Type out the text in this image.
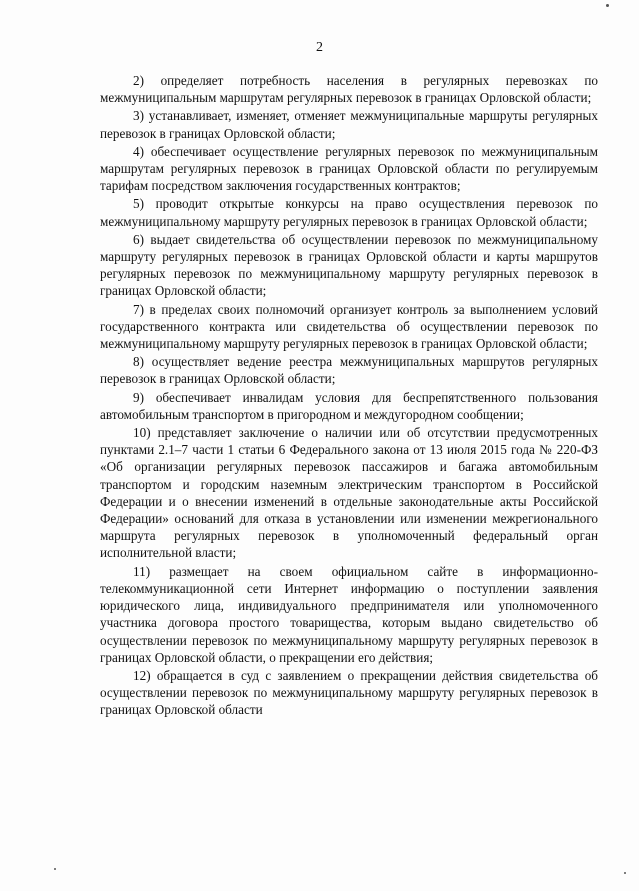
2

2) определяет потребность населения в регулярных перевозках по межмуниципальным маршрутам регулярных перевозок в границах Орловской области;

3) устанавливает, изменяет, отменяет межмуниципальные маршруты регулярных перевозок в границах Орловской области;

4) обеспечивает осуществление регулярных перевозок по межмуниципальным маршрутам регулярных перевозок в границах Орловской области по регулируемым тарифам посредством заключения государственных контрактов;

5) проводит открытые конкурсы на право осуществления перевозок по межмуниципальному маршруту регулярных перевозок в границах Орловской области;

6) выдает свидетельства об осуществлении перевозок по межмуниципальному маршруту регулярных перевозок в границах Орловской области и карты маршрутов регулярных перевозок по межмуниципальному маршруту регулярных перевозок в границах Орловской области;

7) в пределах своих полномочий организует контроль за выполнением условий государственного контракта или свидетельства об осуществлении перевозок по межмуниципальному маршруту регулярных перевозок в границах Орловской области;

8) осуществляет ведение реестра межмуниципальных маршрутов регулярных перевозок в границах Орловской области;

9) обеспечивает инвалидам условия для беспрепятственного пользования автомобильным транспортом в пригородном и междугородном сообщении;

10) представляет заключение о наличии или об отсутствии предусмотренных пунктами 2.1–7 части 1 статьи 6 Федерального закона от 13 июля 2015 года № 220-ФЗ «Об организации регулярных перевозок пассажиров и багажа автомобильным транспортом и городским наземным электрическим транспортом в Российской Федерации и о внесении изменений в отдельные законодательные акты Российской Федерации» оснований для отказа в установлении или изменении межрегионального маршрута регулярных перевозок в уполномоченный федеральный орган исполнительной власти;

11) размещает на своем официальном сайте в информационно-телекоммуникационной сети Интернет информацию о поступлении заявления юридического лица, индивидуального предпринимателя или уполномоченного участника договора простого товарищества, которым выдано свидетельство об осуществлении перевозок по межмуниципальному маршруту регулярных перевозок в границах Орловской области, о прекращении его действия;

12) обращается в суд с заявлением о прекращении действия свидетельства об осуществлении перевозок по межмуниципальному маршруту регулярных перевозок в границах Орловской области
